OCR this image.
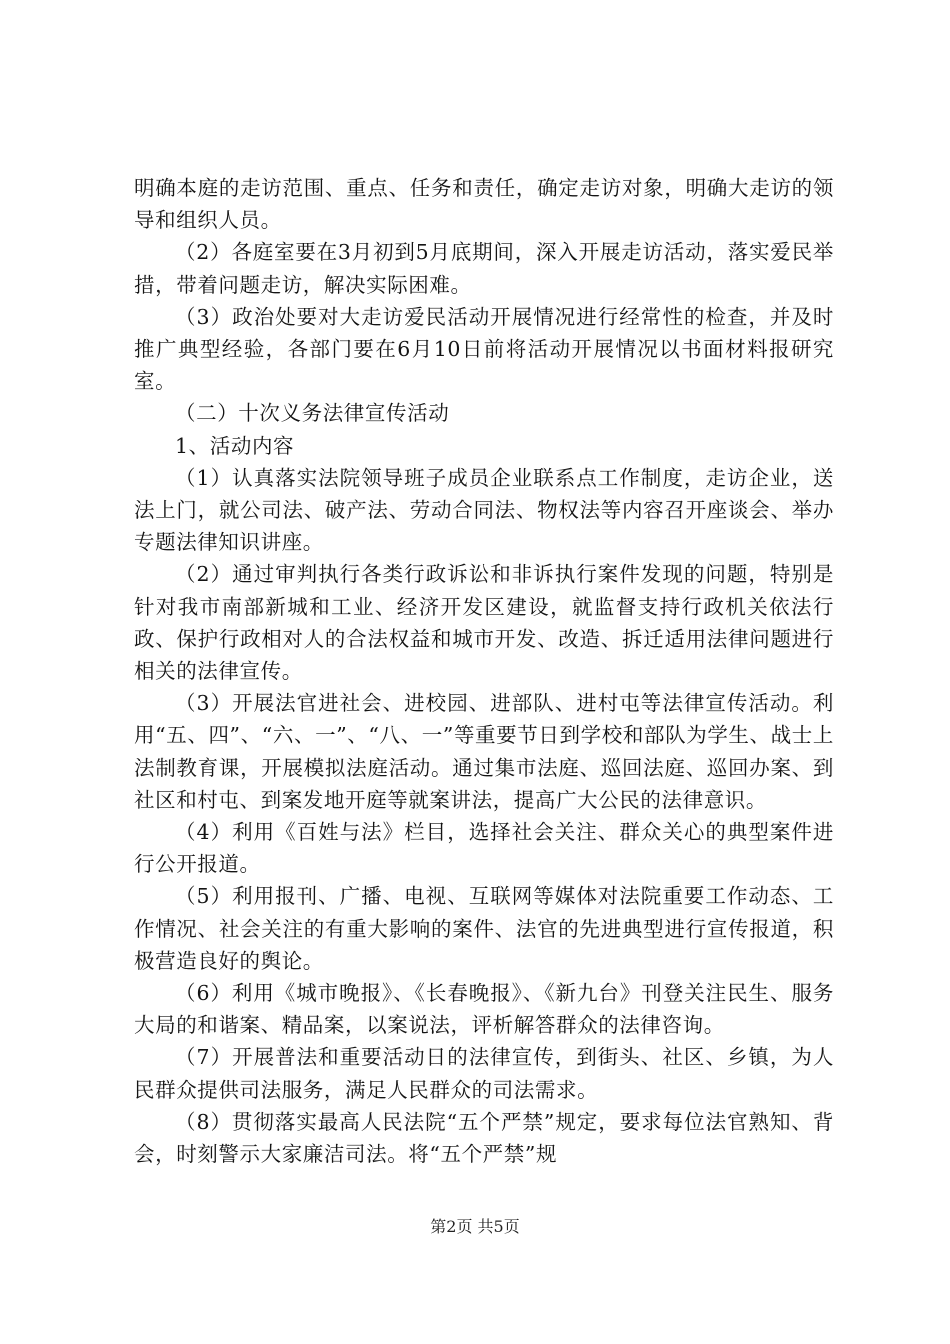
明确本庭的走访范围、重点、任务和责任，确定走访对象，明确大走访的领导和组织人员。

（2）各庭室要在3月初到5月底期间，深入开展走访活动，落实爱民举措，带着问题走访，解决实际困难。

（3）政治处要对大走访爱民活动开展情况进行经常性的检查，并及时推广典型经验，各部门要在6月10日前将活动开展情况以书面材料报研究室。

（二）十次义务法律宣传活动

1、活动内容

（1）认真落实法院领导班子成员企业联系点工作制度，走访企业，送法上门，就公司法、破产法、劳动合同法、物权法等内容召开座谈会、举办专题法律知识讲座。

（2）通过审判执行各类行政诉讼和非诉执行案件发现的问题，特别是针对我市南部新城和工业、经济开发区建设，就监督支持行政机关依法行政、保护行政相对人的合法权益和城市开发、改造、拆迁适用法律问题进行相关的法律宣传。

（3）开展法官进社会、进校园、进部队、进村屯等法律宣传活动。利用“五、四”、“六、一”、“八、一”等重要节日到学校和部队为学生、战士上法制教育课，开展模拟法庭活动。通过集市法庭、巡回法庭、巡回办案、到社区和村屯、到案发地开庭等就案讲法，提高广大公民的法律意识。

（4）利用《百姓与法》栏目，选择社会关注、群众关心的典型案件进行公开报道。

（5）利用报刊、广播、电视、互联网等媒体对法院重要工作动态、工作情况、社会关注的有重大影响的案件、法官的先进典型进行宣传报道，积极营造良好的舆论。

（6）利用《城市晚报》、《长春晚报》、《新九台》刊登关注民生、服务大局的和谐案、精品案，以案说法，评析解答群众的法律咨询。

（7）开展普法和重要活动日的法律宣传，到街头、社区、乡镇，为人民群众提供司法服务，满足人民群众的司法需求。

（8）贯彻落实最高人民法院“五个严禁”规定，要求每位法官熟知、背会，时刻警示大家廉洁司法。将“五个严禁”规

第2页 共5页
